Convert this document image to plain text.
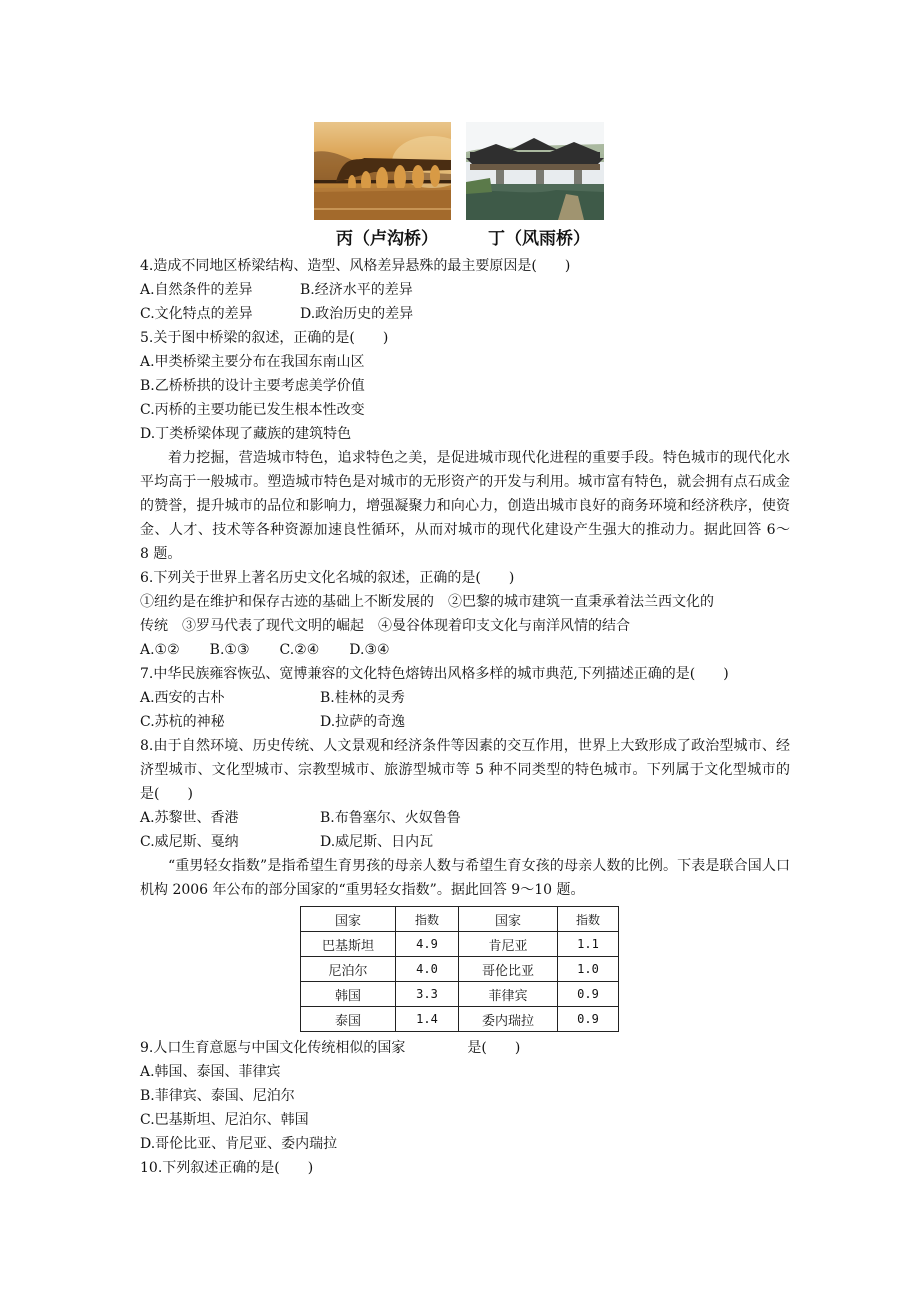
丙（卢沟桥）	丁（风雨桥）
4.造成不同地区桥梁结构、造型、风格差异悬殊的最主要原因是(　　)
A.自然条件的差异	B.经济水平的差异
C.文化特点的差异	D.政治历史的差异
5.关于图中桥梁的叙述，正确的是(　　)
A.甲类桥梁主要分布在我国东南山区
B.乙桥桥拱的设计主要考虑美学价值
C.丙桥的主要功能已发生根本性改变
D.丁类桥梁体现了藏族的建筑特色

着力挖掘，营造城市特色，追求特色之美，是促进城市现代化进程的重要手段。特色城市的现代化水平均高于一般城市。塑造城市特色是对城市的无形资产的开发与利用。城市富有特色，就会拥有点石成金的赞誉，提升城市的品位和影响力，增强凝聚力和向心力，创造出城市良好的商务环境和经济秩序，使资金、人才、技术等各种资源加速良性循环，从而对城市的现代化建设产生强大的推动力。据此回答 6～　8 题。

6.下列关于世界上著名历史文化名城的叙述，正确的是(　　)
①纽约是在维护和保存古迹的基础上不断发展的　②巴黎的城市建筑一直秉承着法兰西文化的
传统　③罗马代表了现代文明的崛起　④曼谷体现着印支文化与南洋风情的结合
A.①② B.①③ C.②④ D.③④
7.中华民族雍容恢弘、宽博兼容的文化特色熔铸出风格多样的城市典范,下列描述正确的是(　　)
A.西安的古朴	B.桂林的灵秀
C.苏杭的神秘	D.拉萨的奇逸

8.由于自然环境、历史传统、人文景观和经济条件等因素的交互作用，世界上大致形成了政治型城市、经济型城市、文化型城市、宗教型城市、旅游型城市等 5 种不同类型的特色城市。下列属于文化型城市的 是(　　)

A.苏黎世、香港	B.布鲁塞尔、火奴鲁鲁
C.威尼斯、戛纳	D.威尼斯、日内瓦

“重男轻女指数”是指希望生育男孩的母亲人数与希望生育女孩的母亲人数的比例。下表是联合国人口机构 2006 年公布的部分国家的“重男轻女指数”。据此回答 9～10 题。

国家	指数	国家	指数
巴基斯坦	4.9	肯尼亚	1.1
尼泊尔	4.0	哥伦比亚	1.0
韩国	3.3	菲律宾	0.9
泰国	1.4	委内瑞拉	0.9
9.人口生育意愿与中国文化传统相似的国家	是(　　)
A.韩国、泰国、菲律宾
B.菲律宾、泰国、尼泊尔
C.巴基斯坦、尼泊尔、韩国
D.哥伦比亚、肯尼亚、委内瑞拉
10.下列叙述正确的是(　　)
